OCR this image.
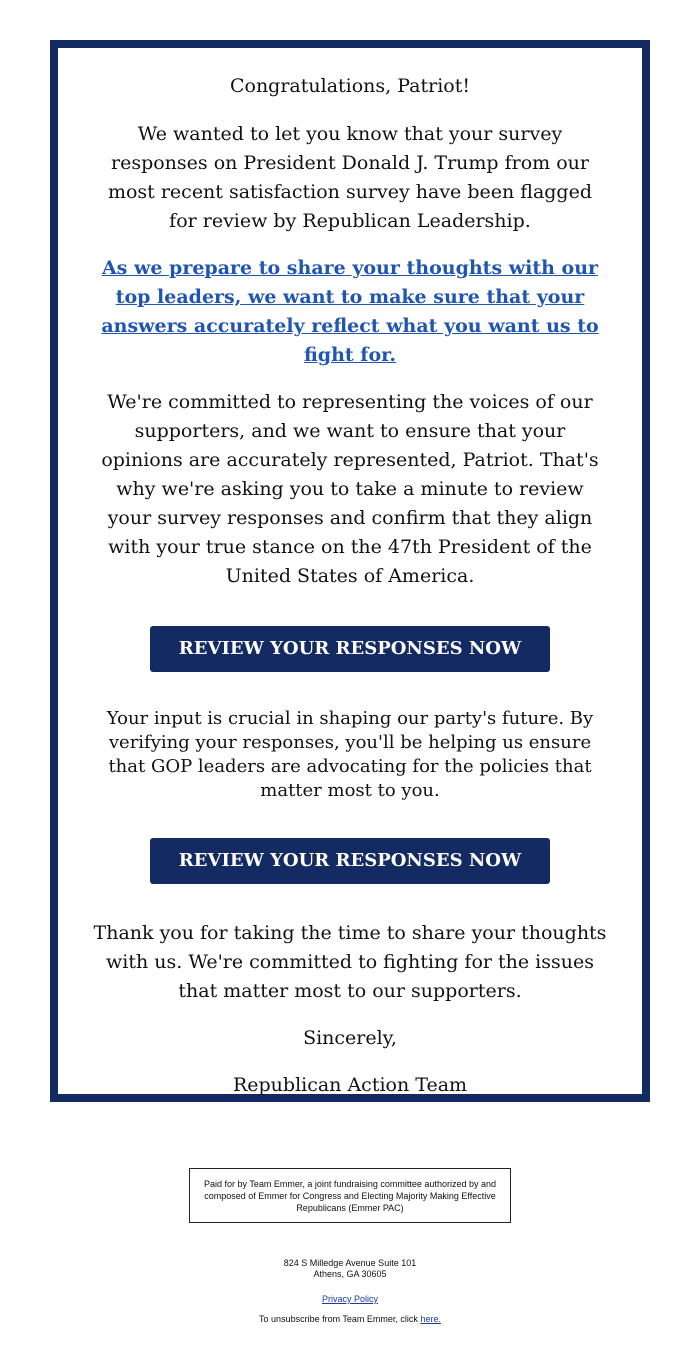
Congratulations, Patriot!

We wanted to let you know that your survey responses on President Donald J. Trump from our most recent satisfaction survey have been flagged for review by Republican Leadership.

As we prepare to share your thoughts with our top leaders, we want to make sure that your answers accurately reflect what you want us to fight for.

We're committed to representing the voices of our supporters, and we want to ensure that your opinions are accurately represented, Patriot. That's why we're asking you to take a minute to review your survey responses and confirm that they align with your true stance on the 47th President of the United States of America.

REVIEW YOUR RESPONSES NOW

Your input is crucial in shaping our party's future. By verifying your responses, you'll be helping us ensure that GOP leaders are advocating for the policies that matter most to you.

REVIEW YOUR RESPONSES NOW

Thank you for taking the time to share your thoughts with us. We're committed to fighting for the issues that matter most to our supporters.

Sincerely,

Republican Action Team

Paid for by Team Emmer, a joint fundraising committee authorized by and composed of Emmer for Congress and Electing Majority Making Effective Republicans (Emmer PAC)
824 S Milledge Avenue Suite 101
Athens, GA 30605
Privacy Policy
To unsubscribe from Team Emmer, click here.
